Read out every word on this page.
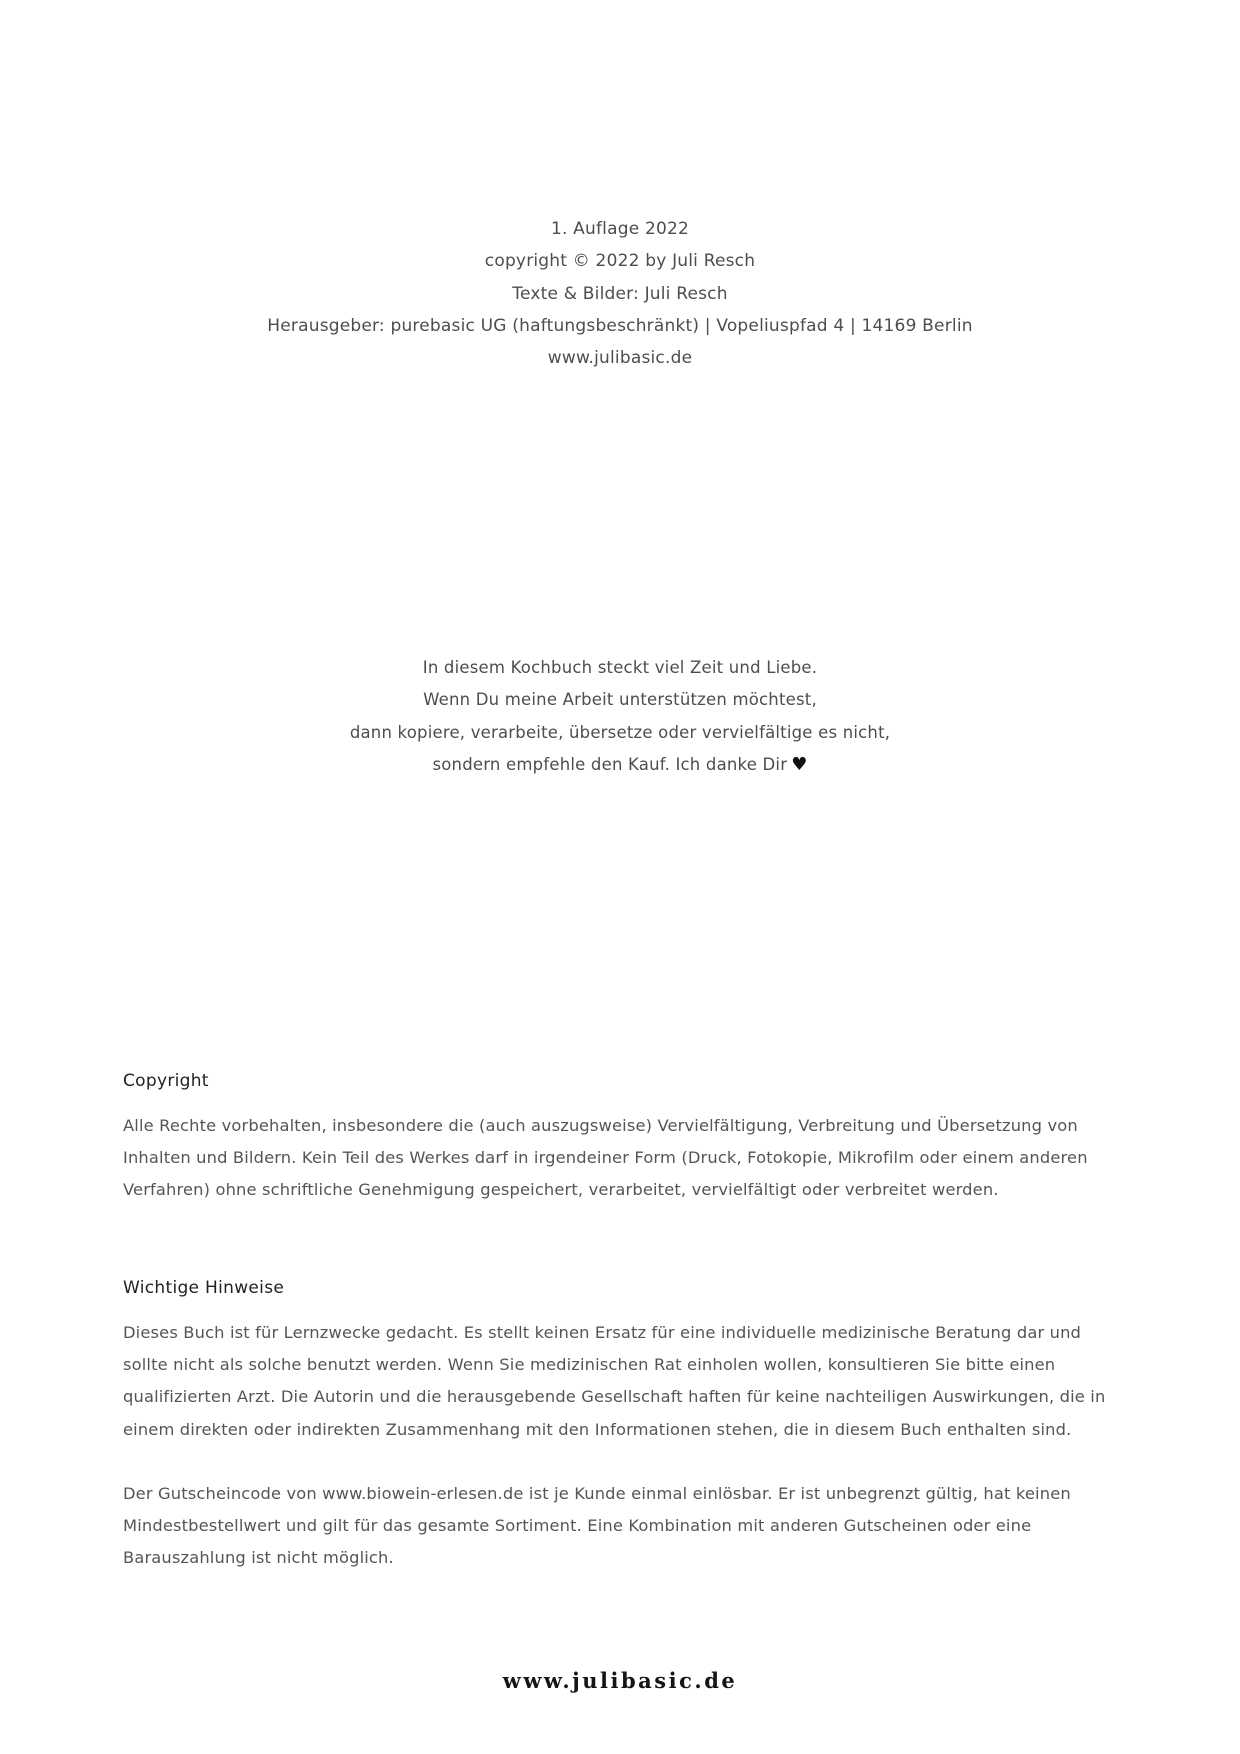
1. Auflage 2022
copyright © 2022 by Juli Resch
Texte & Bilder: Juli Resch
Herausgeber: purebasic UG (haftungsbeschränkt) | Vopeliuspfad 4 | 14169 Berlin
www.julibasic.de
In diesem Kochbuch steckt viel Zeit und Liebe.
Wenn Du meine Arbeit unterstützen möchtest,
dann kopiere, verarbeite, übersetze oder vervielfältige es nicht,
sondern empfehle den Kauf. Ich danke Dir ♥
Copyright

Alle Rechte vorbehalten, insbesondere die (auch auszugsweise) Vervielfältigung, Verbreitung und Übersetzung von Inhalten und Bildern. Kein Teil des Werkes darf in irgendeiner Form (Druck, Fotokopie, Mikrofilm oder einem anderen Verfahren) ohne schriftliche Genehmigung gespeichert, verarbeitet, vervielfältigt oder verbreitet werden.

Wichtige Hinweise

Dieses Buch ist für Lernzwecke gedacht. Es stellt keinen Ersatz für eine individuelle medizinische Beratung dar und sollte nicht als solche benutzt werden. Wenn Sie medizinischen Rat einholen wollen, konsultieren Sie bitte einen qualifizierten Arzt. Die Autorin und die herausgebende Gesellschaft haften für keine nachteiligen Auswirkungen, die in einem direkten oder indirekten Zusammenhang mit den Informationen stehen, die in diesem Buch enthalten sind.

Der Gutscheincode von www.biowein-erlesen.de ist je Kunde einmal einlösbar. Er ist unbegrenzt gültig, hat keinen Mindestbestellwert und gilt für das gesamte Sortiment. Eine Kombination mit anderen Gutscheinen oder eine Barauszahlung ist nicht möglich.

www.julibasic.de
